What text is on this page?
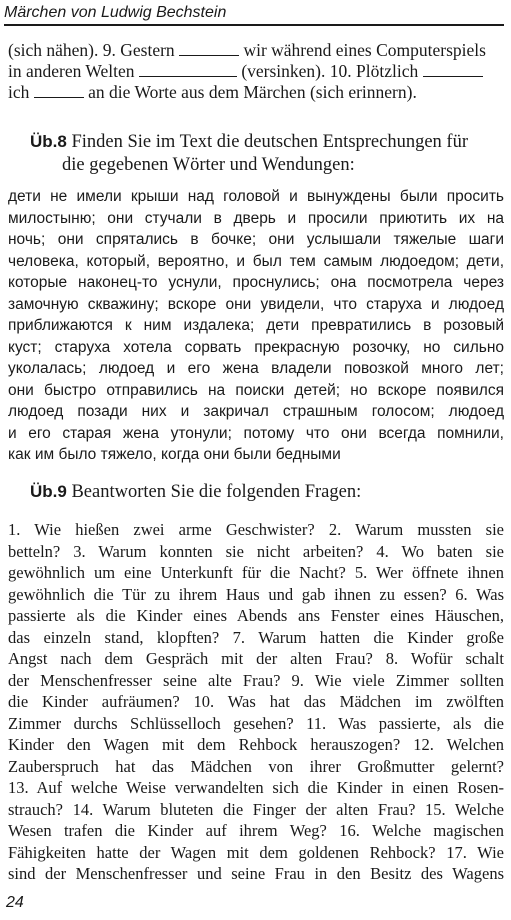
Märchen von Ludwig Bechstein
(sich nähen). 9. Gestern	wir während eines Computerspiels
in anderen Welten	(versinken). 10. Plötzlich
ich	an die Worte aus dem Märchen (sich erinnern).
Üb.8 Finden Sie im Text die deutschen Entsprechungen für
die gegebenen Wörter und Wendungen:
дети не имели крыши над головой и вынуждены были просить
милостыню; они стучали в дверь и просили приютить их на
ночь; они спрятались в бочке; они услышали тяжелые шаги
человека, который, вероятно, и был тем самым людоедом; дети,
которые наконец-то уснули, проснулись; она посмотрела через
замочную скважину; вскоре они увидели, что старуха и людоед
приближаются к ним издалека; дети превратились в розовый
куст; старуха хотела сорвать прекрасную розочку, но сильно
уколалась; людоед и его жена владели повозкой много лет;
они быстро отправились на поиски детей; но вскоре появился
людоед позади них и закричал страшным голосом; людоед
и его старая жена утонули; потому что они всегда помнили,
как им было тяжело, когда они были бедными
Üb.9 Beantworten Sie die folgenden Fragen:
1. Wie hießen zwei arme Geschwister? 2. Warum mussten sie
betteln? 3. Warum konnten sie nicht arbeiten? 4. Wo baten sie
gewöhnlich um eine Unterkunft für die Nacht? 5. Wer öffnete ihnen
gewöhnlich die Tür zu ihrem Haus und gab ihnen zu essen? 6. Was
passierte als die Kinder eines Abends ans Fenster eines Häuschen,
das einzeln stand, klopften? 7. Warum hatten die Kinder große
Angst nach dem Gespräch mit der alten Frau? 8. Wofür schalt
der Menschenfresser seine alte Frau? 9. Wie viele Zimmer sollten
die Kinder aufräumen? 10. Was hat das Mädchen im zwölften
Zimmer durchs Schlüsselloch gesehen? 11. Was passierte, als die
Kinder den Wagen mit dem Rehbock herauszogen? 12. Welchen
Zauberspruch hat das Mädchen von ihrer Großmutter gelernt?
13. Auf welche Weise verwandelten sich die Kinder in einen Rosen-
strauch? 14. Warum bluteten die Finger der alten Frau? 15. Welche
Wesen trafen die Kinder auf ihrem Weg? 16. Welche magischen
Fähigkeiten hatte der Wagen mit dem goldenen Rehbock? 17. Wie
sind der Menschenfresser und seine Frau in den Besitz des Wagens
24
